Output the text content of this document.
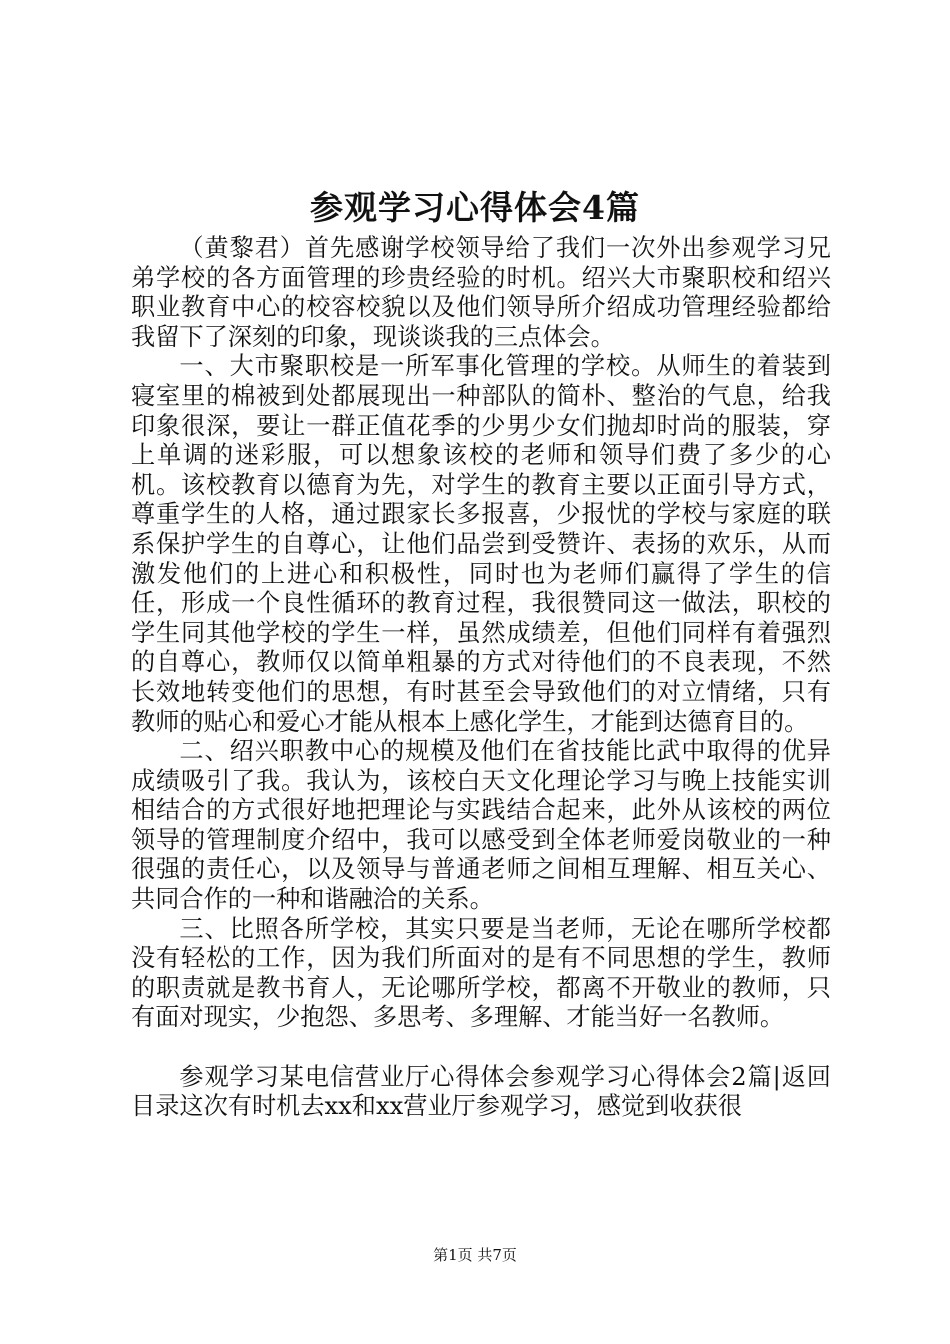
参观学习心得体会4篇

（黄黎君）首先感谢学校领导给了我们一次外出参观学习兄弟学校的各方面管理的珍贵经验的时机。绍兴大市聚职校和绍兴职业教育中心的校容校貌以及他们领导所介绍成功管理经验都给我留下了深刻的印象，现谈谈我的三点体会。

一、大市聚职校是一所军事化管理的学校。从师生的着装到寝室里的棉被到处都展现出一种部队的简朴、整治的气息，给我印象很深，要让一群正值花季的少男少女们抛却时尚的服装，穿上单调的迷彩服，可以想象该校的老师和领导们费了多少的心机。该校教育以德育为先，对学生的教育主要以正面引导方式，尊重学生的人格，通过跟家长多报喜，少报忧的学校与家庭的联系保护学生的自尊心，让他们品尝到受赞许、表扬的欢乐，从而激发他们的上进心和积极性，同时也为老师们赢得了学生的信任，形成一个良性循环的教育过程，我很赞同这一做法，职校的学生同其他学校的学生一样，虽然成绩差，但他们同样有着强烈的自尊心，教师仅以简单粗暴的方式对待他们的不良表现，不然长效地转变他们的思想，有时甚至会导致他们的对立情绪，只有教师的贴心和爱心才能从根本上感化学生，才能到达德育目的。

二、绍兴职教中心的规模及他们在省技能比武中取得的优异成绩吸引了我。我认为，该校白天文化理论学习与晚上技能实训相结合的方式很好地把理论与实践结合起来，此外从该校的两位领导的管理制度介绍中，我可以感受到全体老师爱岗敬业的一种很强的责任心，以及领导与普通老师之间相互理解、相互关心、共同合作的一种和谐融洽的关系。

三、比照各所学校，其实只要是当老师，无论在哪所学校都没有轻松的工作，因为我们所面对的是有不同思想的学生，教师的职责就是教书育人，无论哪所学校，都离不开敬业的教师，只有面对现实，少抱怨、多思考、多理解、才能当好一名教师。

参观学习某电信营业厅心得体会参观学习心得体会2篇|返回目录这次有时机去xx和xx营业厅参观学习，感觉到收获很

第1页 共7页
